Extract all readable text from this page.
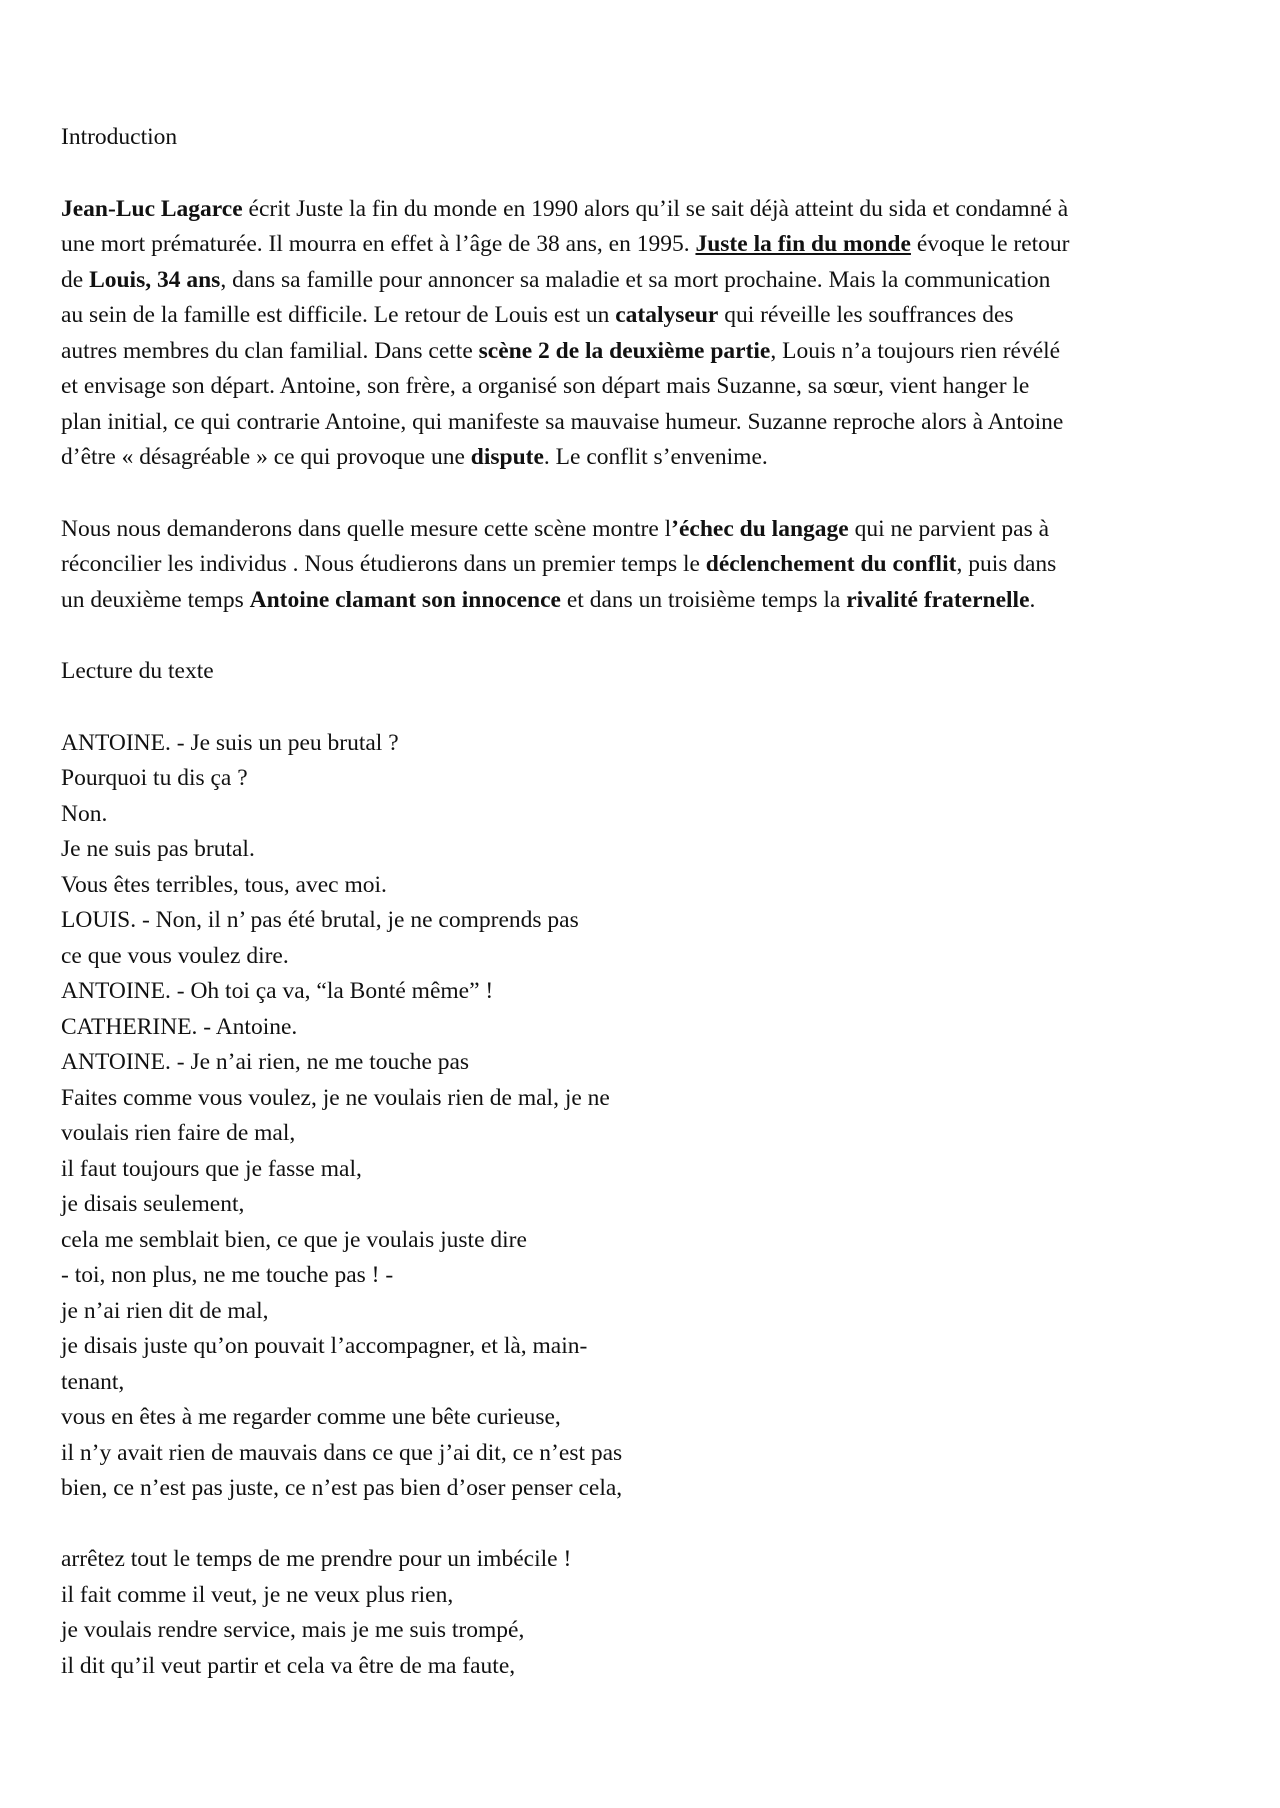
Introduction
Jean-Luc Lagarce écrit Juste la fin du monde en 1990 alors qu’il se sait déjà atteint du sida et condamné à
une mort prématurée. Il mourra en effet à l’âge de 38 ans, en 1995. Juste la fin du monde évoque le retour
de Louis, 34 ans, dans sa famille pour annoncer sa maladie et sa mort prochaine. Mais la communication
au sein de la famille est difficile. Le retour de Louis est un catalyseur qui réveille les souffrances des
autres membres du clan familial. Dans cette scène 2 de la deuxième partie, Louis n’a toujours rien révélé
et envisage son départ. Antoine, son frère, a organisé son départ mais Suzanne, sa sœur, vient hanger le
plan initial, ce qui contrarie Antoine, qui manifeste sa mauvaise humeur. Suzanne reproche alors à Antoine
d’être « désagréable » ce qui provoque une dispute. Le conflit s’envenime.
Nous nous demanderons dans quelle mesure cette scène montre l’échec du langage qui ne parvient pas à
réconcilier les individus . Nous étudierons dans un premier temps le déclenchement du conflit, puis dans
un deuxième temps Antoine clamant son innocence et dans un troisième temps la rivalité fraternelle.
Lecture du texte
ANTOINE. - Je suis un peu brutal ?
Pourquoi tu dis ça ?
Non.
Je ne suis pas brutal.
Vous êtes terribles, tous, avec moi.
LOUIS. - Non, il n’ pas été brutal, je ne comprends pas
ce que vous voulez dire.
ANTOINE. - Oh toi ça va, “la Bonté même” !
CATHERINE. - Antoine.
ANTOINE. - Je n’ai rien, ne me touche pas
Faites comme vous voulez, je ne voulais rien de mal, je ne
voulais rien faire de mal,
il faut toujours que je fasse mal,
je disais seulement,
cela me semblait bien, ce que je voulais juste dire
- toi, non plus, ne me touche pas ! -
je n’ai rien dit de mal,
je disais juste qu’on pouvait l’accompagner, et là, main-
tenant,
vous en êtes à me regarder comme une bête curieuse,
il n’y avait rien de mauvais dans ce que j’ai dit, ce n’est pas
bien, ce n’est pas juste, ce n’est pas bien d’oser penser cela,
arrêtez tout le temps de me prendre pour un imbécile !
il fait comme il veut, je ne veux plus rien,
je voulais rendre service, mais je me suis trompé,
il dit qu’il veut partir et cela va être de ma faute,
